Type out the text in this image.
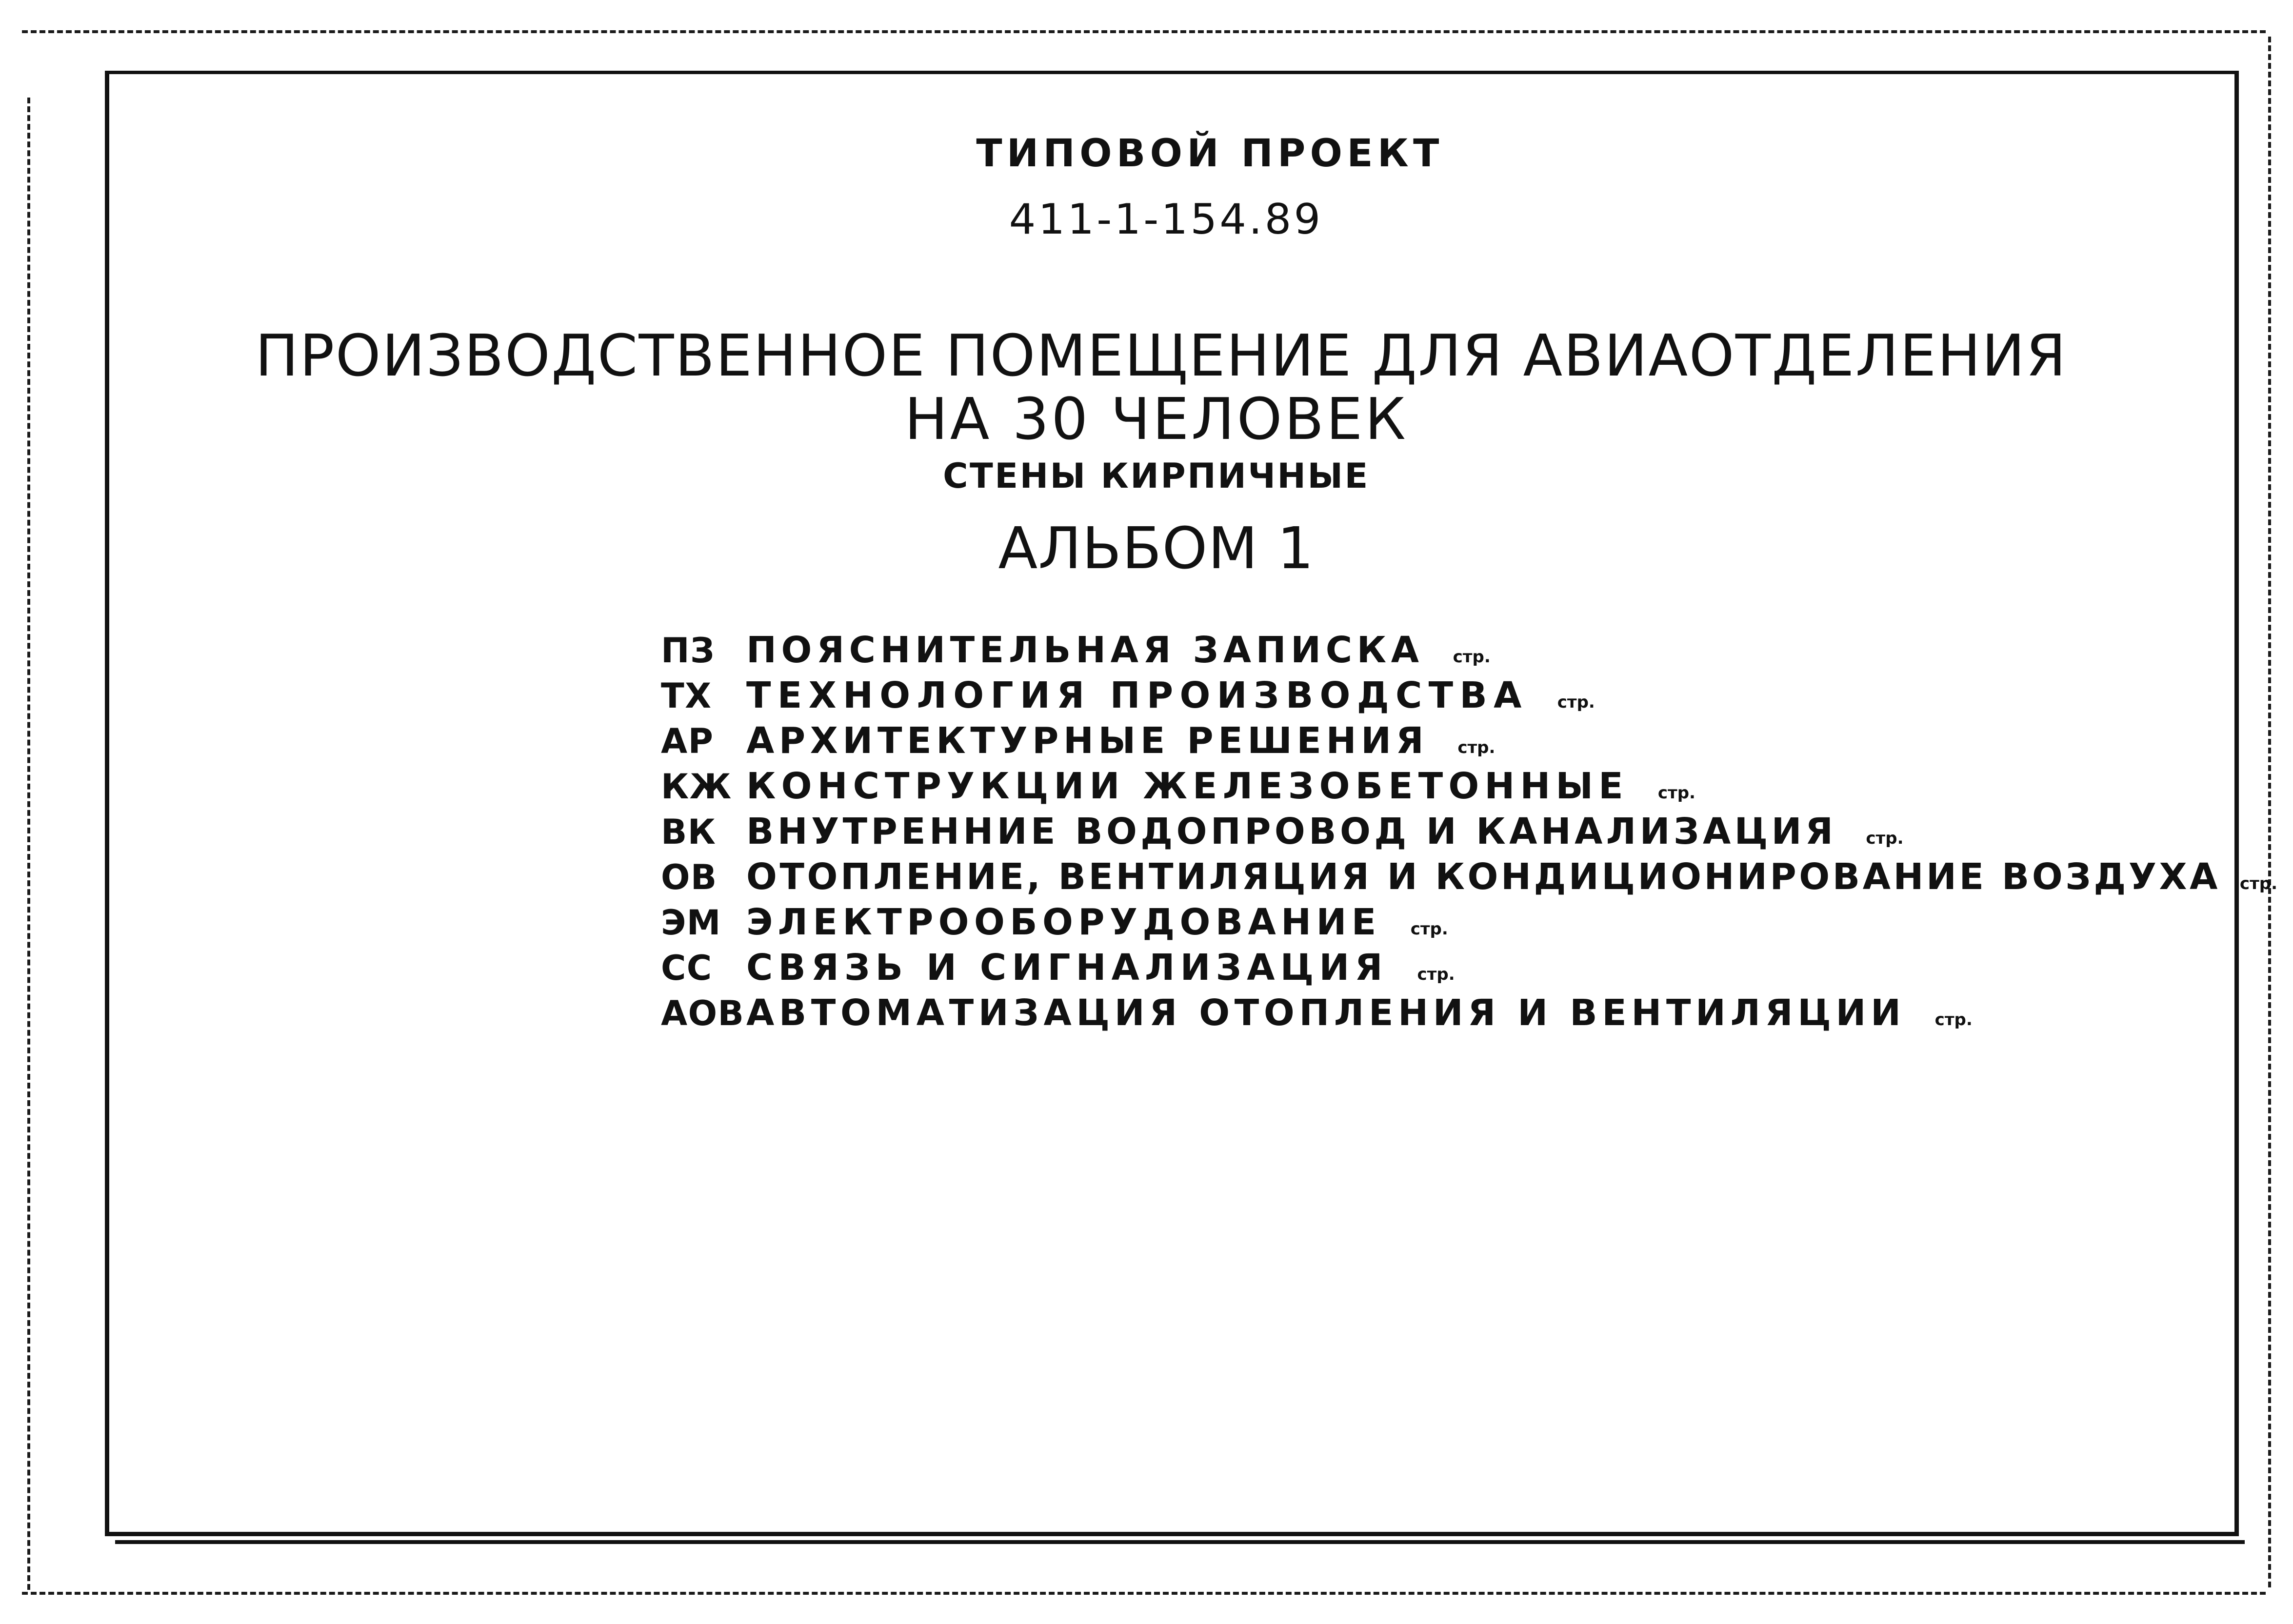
ТИПОВОЙ ПРОЕКТ
411-1-154.89
ПРОИЗВОДСТВЕННОЕ ПОМЕЩЕНИЕ ДЛЯ АВИАОТДЕЛЕНИЯ
НА 30 ЧЕЛОВЕК
СТЕНЫ КИРПИЧНЫЕ
АЛЬБОМ 1
ПЗ ПОЯСНИТЕЛЬНАЯ ЗАПИСКА стр.
ТХ ТЕХНОЛОГИЯ ПРОИЗВОДСТВА стр.
АР АРХИТЕКТУРНЫЕ РЕШЕНИЯ стр.
КЖ КОНСТРУКЦИИ ЖЕЛЕЗОБЕТОННЫЕ стр.
ВК ВНУТРЕННИЕ ВОДОПРОВОД И КАНАЛИЗАЦИЯ стр.
ОВ ОТОПЛЕНИЕ, ВЕНТИЛЯЦИЯ И КОНДИЦИОНИРОВАНИЕ ВОЗДУХА стр.
ЭМ ЭЛЕКТРООБОРУДОВАНИЕ стр.
СС СВЯЗЬ И СИГНАЛИЗАЦИЯ стр.
АОВ АВТОМАТИЗАЦИЯ ОТОПЛЕНИЯ И ВЕНТИЛЯЦИИ стр.
